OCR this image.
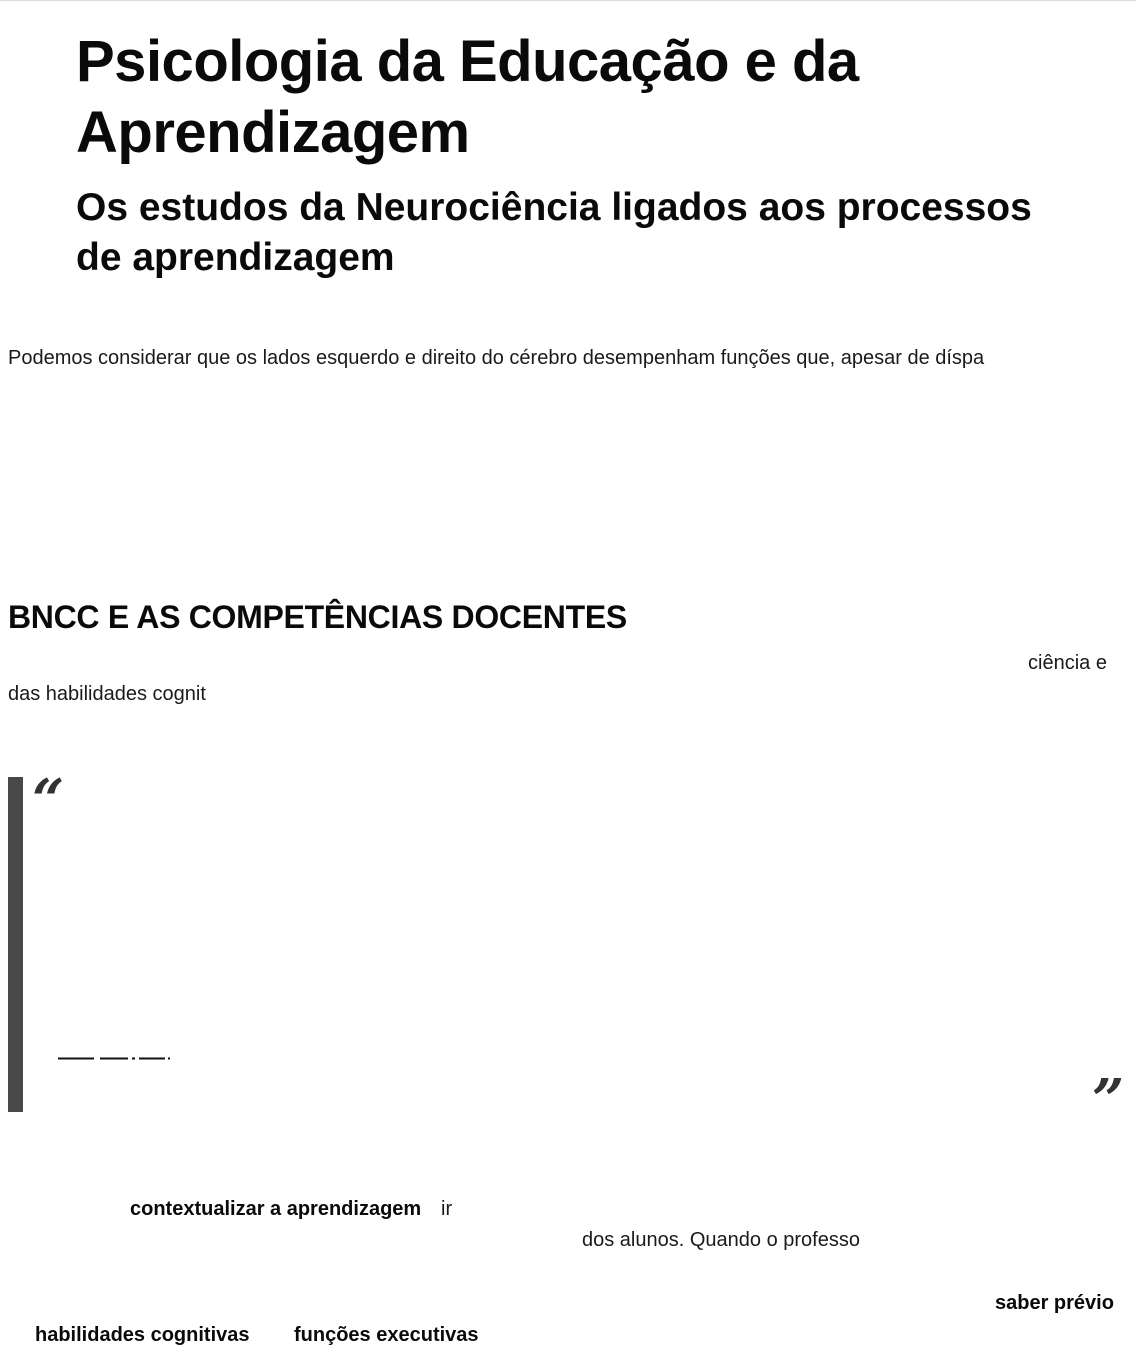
Psicologia da Educação e da Aprendizagem
Os estudos da Neurociência ligados aos processos de aprendizagem

Podemos considerar que os lados esquerdo e direito do cérebro desempenham funções que, apesar de díspa

BNCC E AS COMPETÊNCIAS DOCENTES
ciência e
das habilidades cognit
“
”
contextualizar a aprendizagem ir
dos alunos. Quando o professo
saber prévio
habilidades cognitivas funções executivas
